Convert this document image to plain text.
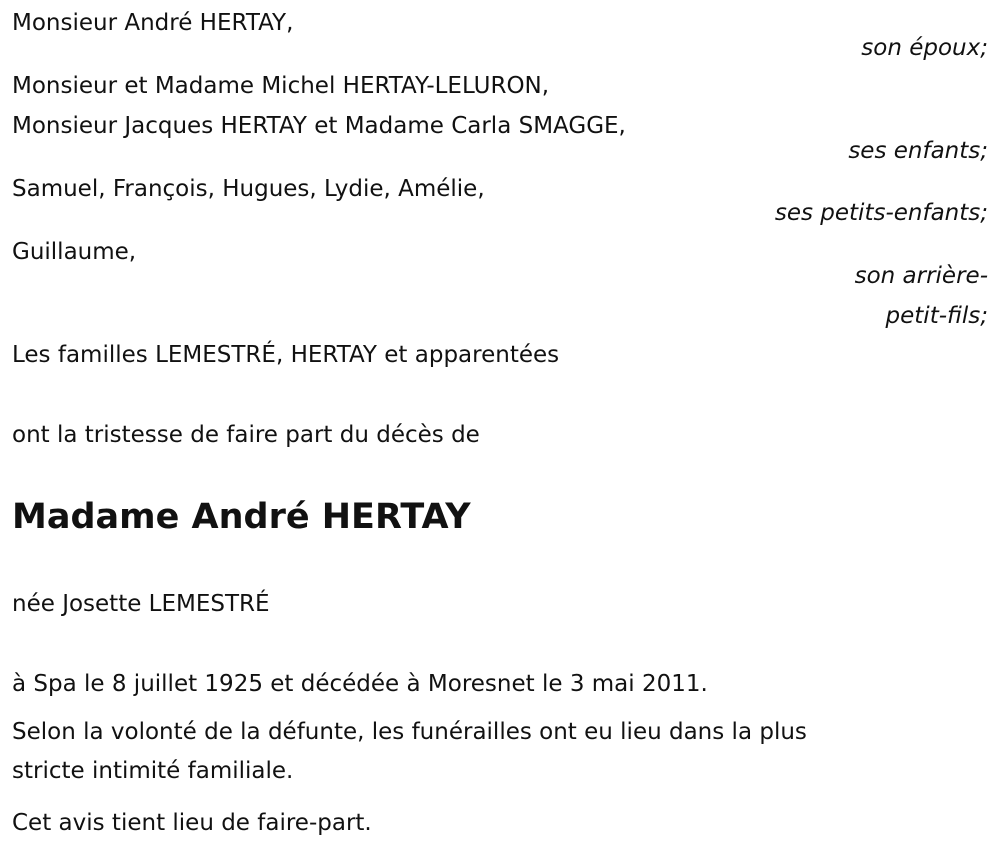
Monsieur André HERTAY,
son époux;
Monsieur et Madame Michel HERTAY-LELURON,
Monsieur Jacques HERTAY et Madame Carla SMAGGE,
ses enfants;
Samuel, François, Hugues, Lydie, Amélie,
ses petits-enfants;
Guillaume,
son arrière-
petit-fils;
Les familles LEMESTRÉ, HERTAY et apparentées
ont la tristesse de faire part du décès de
Madame André HERTAY
née Josette LEMESTRÉ
à Spa le 8 juillet 1925 et décédée à Moresnet le 3 mai 2011.
Selon la volonté de la défunte, les funérailles ont eu lieu dans la plus
stricte intimité familiale.
Cet avis tient lieu de faire-part.
